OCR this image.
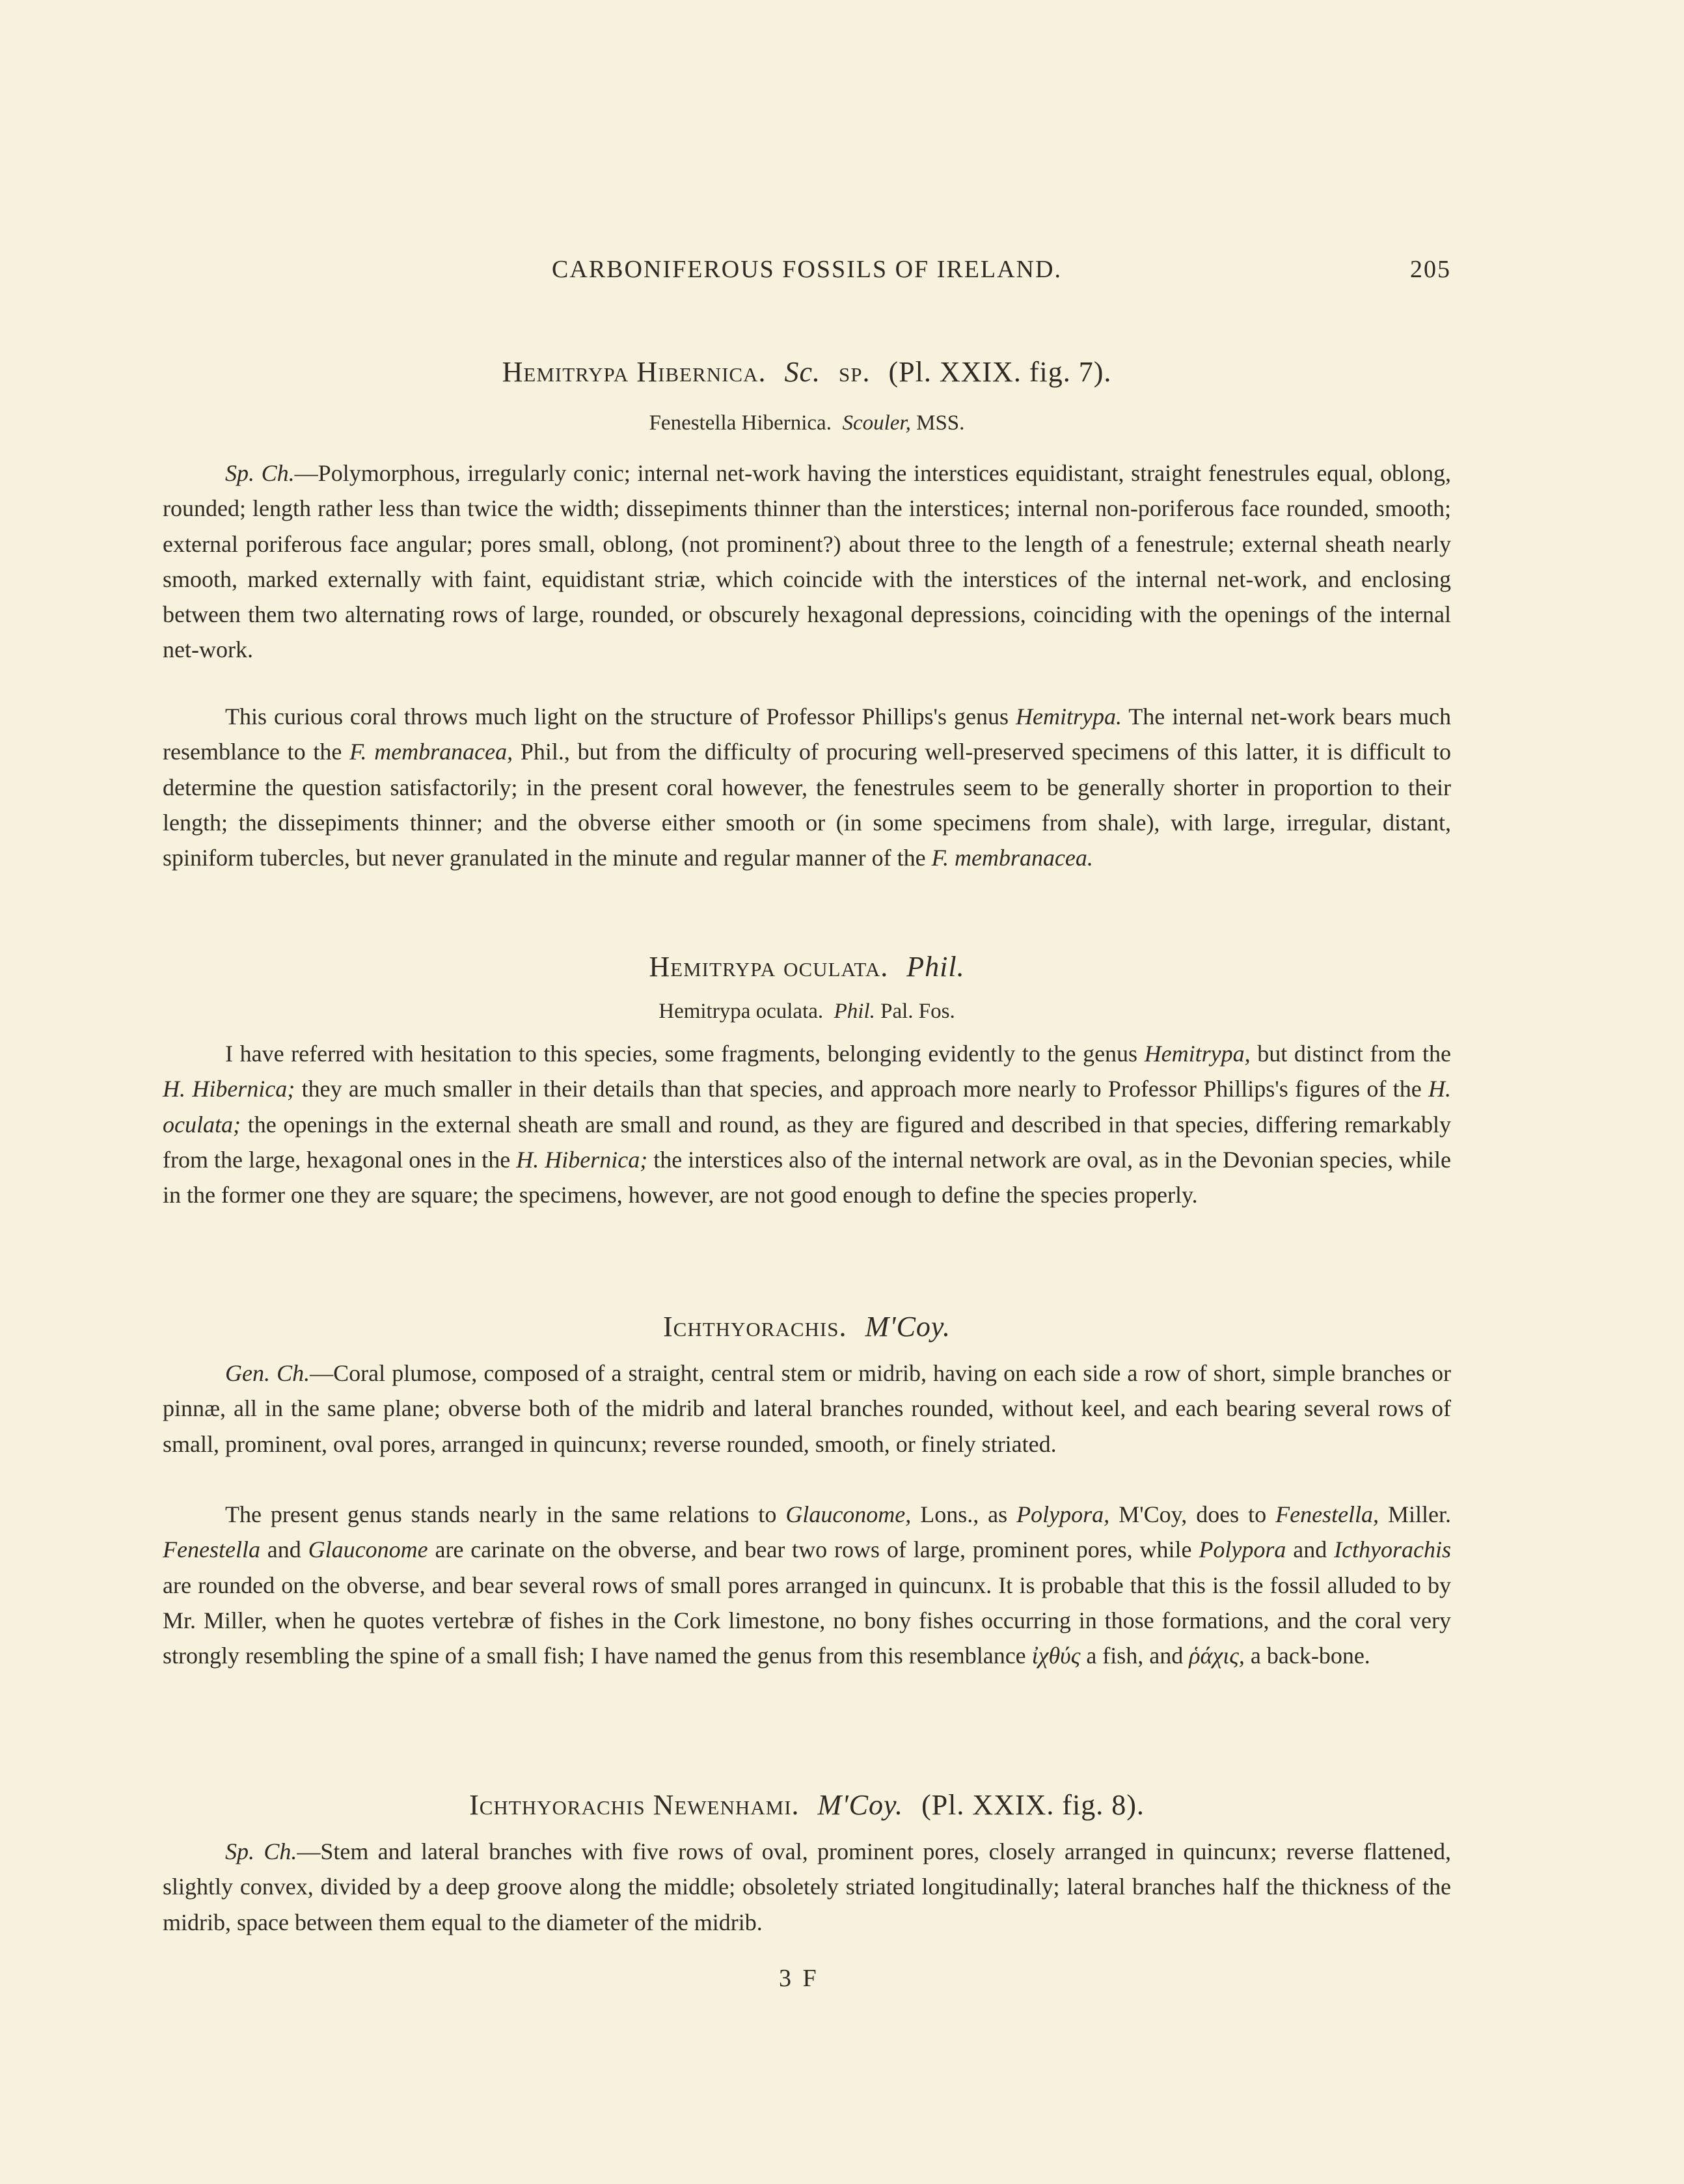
CARBONIFEROUS FOSSILS OF IRELAND.	205
Hemitrypa Hibernica. Sc. sp. (Pl. XXIX. fig. 7).
Fenestella Hibernica. Scouler, MSS.

Sp. Ch.—Polymorphous, irregularly conic; internal net-work having the interstices equidistant, straight fenestrules equal, oblong, rounded; length rather less than twice the width; dissepiments thinner than the interstices; internal non-poriferous face rounded, smooth; external poriferous face angular; pores small, oblong, (not prominent?) about three to the length of a fenestrule; external sheath nearly smooth, marked externally with faint, equidistant striæ, which coincide with the interstices of the internal net-work, and enclosing between them two alternating rows of large, rounded, or obscurely hexagonal depressions, coinciding with the openings of the internal net-work.

This curious coral throws much light on the structure of Professor Phillips's genus Hemitrypa. The internal net-work bears much resemblance to the F. membranacea, Phil., but from the difficulty of procuring well-preserved specimens of this latter, it is difficult to determine the question satisfactorily; in the present coral however, the fenestrules seem to be generally shorter in proportion to their length; the dissepiments thinner; and the obverse either smooth or (in some specimens from shale), with large, irregular, distant, spiniform tubercles, but never granulated in the minute and regular manner of the F. membranacea.

Hemitrypa oculata. Phil.
Hemitrypa oculata. Phil. Pal. Fos.

I have referred with hesitation to this species, some fragments, belonging evidently to the genus Hemitrypa, but distinct from the H. Hibernica; they are much smaller in their details than that species, and approach more nearly to Professor Phillips's figures of the H. oculata; the openings in the external sheath are small and round, as they are figured and described in that species, differing remarkably from the large, hexagonal ones in the H. Hibernica; the interstices also of the internal network are oval, as in the Devonian species, while in the former one they are square; the specimens, however, are not good enough to define the species properly.

Ichthyorachis. M'Coy.

Gen. Ch.—Coral plumose, composed of a straight, central stem or midrib, having on each side a row of short, simple branches or pinnæ, all in the same plane; obverse both of the midrib and lateral branches rounded, without keel, and each bearing several rows of small, prominent, oval pores, arranged in quincunx; reverse rounded, smooth, or finely striated.

The present genus stands nearly in the same relations to Glauconome, Lons., as Polypora, M'Coy, does to Fenestella, Miller. Fenestella and Glauconome are carinate on the obverse, and bear two rows of large, prominent pores, while Polypora and Icthyorachis are rounded on the obverse, and bear several rows of small pores arranged in quincunx. It is probable that this is the fossil alluded to by Mr. Miller, when he quotes vertebræ of fishes in the Cork limestone, no bony fishes occurring in those formations, and the coral very strongly resembling the spine of a small fish; I have named the genus from this resemblance ἰχθύς a fish, and ῥάχις, a back-bone.

Ichthyorachis Newenhami. M'Coy. (Pl. XXIX. fig. 8).

Sp. Ch.—Stem and lateral branches with five rows of oval, prominent pores, closely arranged in quincunx; reverse flattened, slightly convex, divided by a deep groove along the middle; obsoletely striated longitudinally; lateral branches half the thickness of the midrib, space between them equal to the diameter of the midrib.

3 F
